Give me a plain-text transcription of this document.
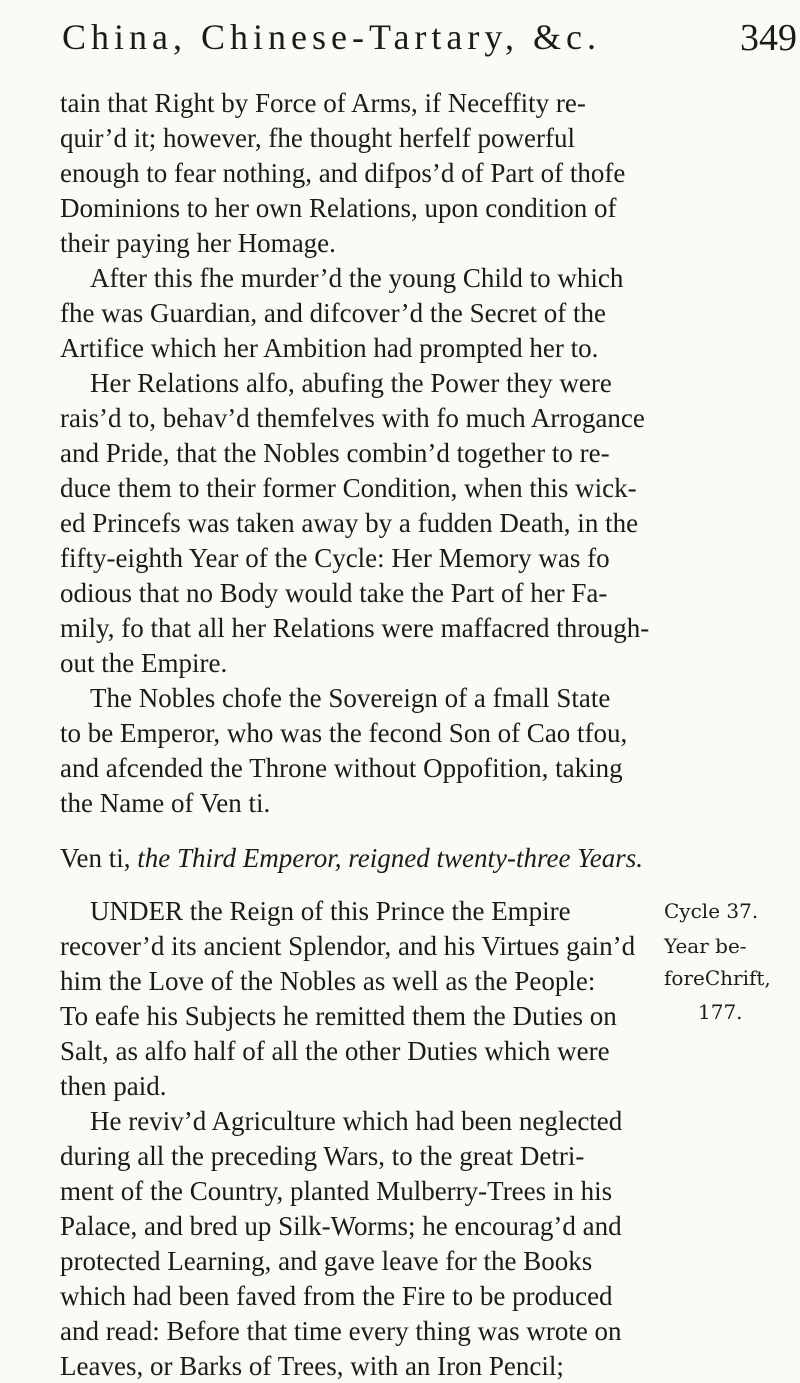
China, Chinese-Tartary, &c.	349
tain that Right by Force of Arms, if Neceffity re-
quir’d it; however, fhe thought herfelf powerful
enough to fear nothing, and difpos’d of Part of thofe
Dominions to her own Relations, upon condition of
their paying her Homage.
After this fhe murder’d the young Child to which
fhe was Guardian, and difcover’d the Secret of the
Artifice which her Ambition had prompted her to.
Her Relations alfo, abufing the Power they were
rais’d to, behav’d themfelves with fo much Arrogance
and Pride, that the Nobles combin’d together to re-
duce them to their former Condition, when this wick-
ed Princefs was taken away by a fudden Death, in the
fifty-eighth Year of the Cycle: Her Memory was fo
odious that no Body would take the Part of her Fa-
mily, fo that all her Relations were maffacred through-
out the Empire.
The Nobles chofe the Sovereign of a fmall State
to be Emperor, who was the fecond Son of Cao tfou,
and afcended the Throne without Oppofition, taking
the Name of Ven ti.
Ven ti, the Third Emperor, reigned twenty-three Years.
UNDER the Reign of this Prince the Empire
recover’d its ancient Splendor, and his Virtues gain’d
him the Love of the Nobles as well as the People:
To eafe his Subjects he remitted them the Duties on
Salt, as alfo half of all the other Duties which were
then paid.
He reviv’d Agriculture which had been neglected
during all the preceding Wars, to the great Detri-
ment of the Country, planted Mulberry-Trees in his
Palace, and bred up Silk-Worms; he encourag’d and
protected Learning, and gave leave for the Books
which had been faved from the Fire to be produced
and read: Before that time every thing was wrote on
Leaves, or Barks of Trees, with an Iron Pencil;
Cycle 37.
Year be-
foreChrift,
177.
